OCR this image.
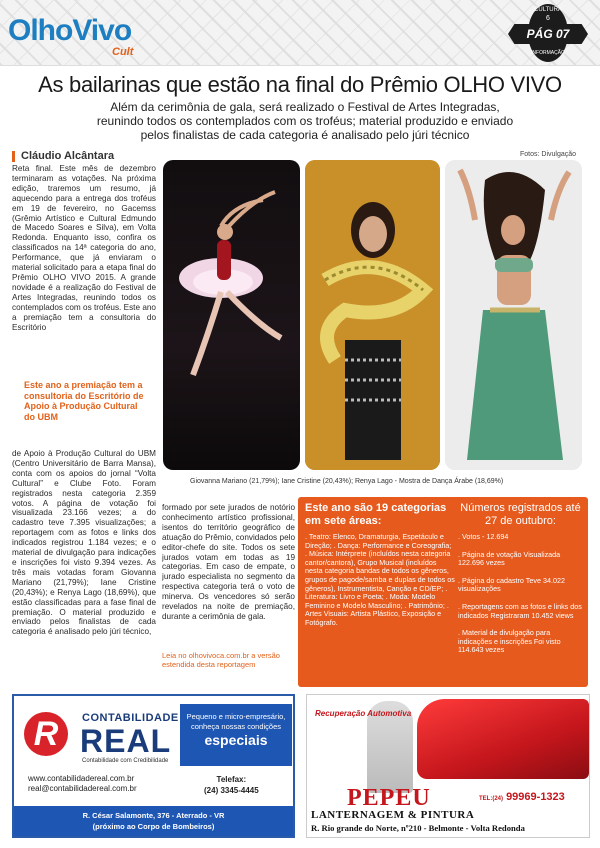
OlhoVivo
Cult
CULTURA
6
PÁG 07
INFORMAÇÃO
As bailarinas que estão na final do Prêmio OLHO VIVO
Além da cerimônia de gala, será realizado o Festival de Artes Integradas, reunindo todos os contemplados com os troféus; material produzido e enviado pelos finalistas de cada categoria é analisado pelo júri técnico
Cláudio Alcântara	Fotos: Divulgação
Reta final. Este mês de dezembro terminaram as votações. Na próxima edição, traremos um resumo, já aquecendo para a entrega dos troféus em 19 de fevereiro, no Gacemss (Grêmio Artístico e Cultural Edmundo de Macedo Soares e Silva), em Volta Redonda. Enquanto isso, confira os classificados na 14ª categoria do ano, Performance, que já enviaram o material solicitado para a etapa final do Prêmio OLHO VIVO 2015. A grande novidade é a realização do Festival de Artes Integradas, reunindo todos os contemplados com os troféus. Este ano a premiação tem a consultoria do Escritório
Este ano a premiação tem a consultoria do Escritório de Apoio à Produção Cultural do UBM
de Apoio à Produção Cultural do UBM (Centro Universitário de Barra Mansa), conta com os apoios do jornal “Volta Cultural” e Clube Foto. Foram registrados nesta categoria 2.359 votos. A página de votação foi visualizada 23.166 vezes; a do cadastro teve 7.395 visualizações; a reportagem com as fotos e links dos indicados registrou 1.184 vezes; e o material de divulgação para indicações e inscrições foi visto 9.394 vezes. As três mais votadas foram Giovanna Mariano (21,79%); Iane Cristine (20,43%); e Renya Lago (18,69%), que estão classificadas para a fase final de premiação. O material produzido e enviado pelos finalistas de cada categoria é analisado pelo júri técnico,
formado por sete jurados de notório conhecimento artístico profissional, isentos do território geográfico de atuação do Prêmio, convidados pelo editor-chefe do site. Todos os sete jurados votam em todas as 19 categorias. Em caso de empate, o jurado especialista no segmento da respectiva categoria terá o voto de minerva. Os vencedores só serão revelados na noite de premiação, durante a cerimônia de gala.
Leia no olhovivoca.com.br a versão estendida desta reportagem
Giovanna Mariano (21,79%); Iane Cristine (20,43%); Renya Lago - Mostra de Dança Árabe (18,69%)
Este ano são 19 categorias em sete áreas:
Números registrados até 27 de outubro:
. Teatro: Elenco, Dramaturgia, Espetáculo e Direção; . Dança: Performance e Coreografia; . Música: Intérprete (incluídos nesta categoria cantor/cantora), Grupo Musical (incluídos nesta categoria bandas de todos os gêneros, grupos de pagode/samba e duplas de todos os gêneros), Instrumentista, Canção e CD/EP; . Literatura: Livro e Poeta; . Moda: Modelo Feminino e Modelo Masculino; . Patrimônio; . Artes Visuais: Artista Plástico, Exposição e Fotógrafo.
. Votos - 12.694
. Página de votação Visualizada 122.696 vezes
. Página do cadastro Teve 34.022 visualizações
. Reportagens com as fotos e links dos indicados Registraram 10.452 views
. Material de divulgação para indicações e inscrições Foi visto 114.643 vezes
R	CONTABILIDADE
REAL
Contabilidade com Credibilidade
Pequeno e micro-empresário, conheça nossas condições
especiais
www.contabilidadereal.com.br
real@contabilidadereal.com.br
Telefax:
(24) 3345-4445
R. César Salamonte, 376 - Aterrado - VR
(próximo ao Corpo de Bombeiros)
Recuperação Automotiva
PEPEU	TEL:(24) 99969-1323
LANTERNAGEM & PINTURA
R. Rio grande do Norte, nº210 - Belmonte - Volta Redonda
